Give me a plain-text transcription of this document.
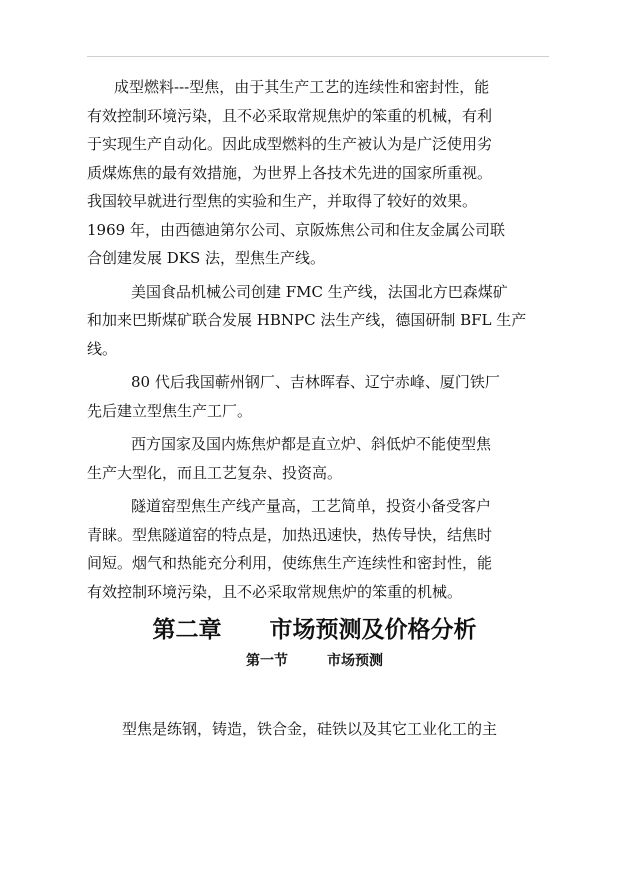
成型燃料---型焦，由于其生产工艺的连续性和密封性，能

有效控制环境污染，且不必采取常规焦炉的笨重的机械，有利

于实现生产自动化。因此成型燃料的生产被认为是广泛使用劣

质煤炼焦的最有效措施，为世界上各技术先进的国家所重视。

我国较早就进行型焦的实验和生产，并取得了较好的效果。

1969 年，由西德迪第尔公司、京阪炼焦公司和住友金属公司联

合创建发展 DKS 法，型焦生产线。

美国食品机械公司创建 FMC 生产线，法国北方巴森煤矿

和加来巴斯煤矿联合发展 HBNPC 法生产线，德国研制 BFL 生产

线。

80 代后我国蕲州钢厂、吉林晖春、辽宁赤峰、厦门铁厂

先后建立型焦生产工厂。

西方国家及国内炼焦炉都是直立炉、斜低炉不能使型焦

生产大型化，而且工艺复杂、投资高。

隧道窑型焦生产线产量高，工艺简单，投资小备受客户

青睐。型焦隧道窑的特点是，加热迅速快，热传导快，结焦时

间短。烟气和热能充分利用，使练焦生产连续性和密封性，能

有效控制环境污染，且不必采取常规焦炉的笨重的机械。

第二章      市场预测及价格分析
第一节        市场预测

型焦是练钢，铸造，铁合金，硅铁以及其它工业化工的主
